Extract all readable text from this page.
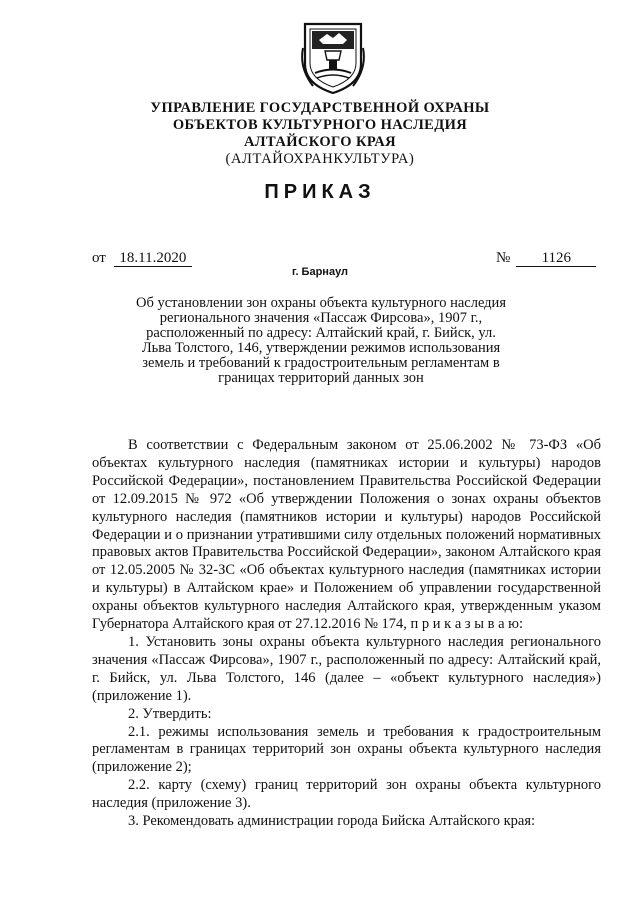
УПРАВЛЕНИЕ ГОСУДАРСТВЕННОЙ ОХРАНЫ
ОБЪЕКТОВ КУЛЬТУРНОГО НАСЛЕДИЯ
АЛТАЙСКОГО КРАЯ
(АЛТАЙОХРАНКУЛЬТУРА)
ПРИКАЗ
от 18.11.2020	№ 1126
г. Барнаул
Об установлении зон охраны объекта культурного наследия регионального значения «Пассаж Фирсова», 1907 г., расположенный по адресу: Алтайский край, г. Бийск, ул. Льва Толстого, 146, утверждении режимов использования земель и требований к градостроительным регламентам в границах территорий данных зон

В соответствии с Федеральным законом от 25.06.2002 № 73-ФЗ «Об объектах культурного наследия (памятниках истории и культуры) народов Российской Федерации», постановлением Правительства Российской Федерации от 12.09.2015 № 972 «Об утверждении Положения о зонах охраны объектов культурного наследия (памятников истории и культуры) народов Российской Федерации и о признании утратившими силу отдельных положений нормативных правовых актов Правительства Российской Федерации», законом Алтайского края от 12.05.2005 № 32-ЗС «Об объектах культурного наследия (памятниках истории и культуры) в Алтайском крае» и Положением об управлении государственной охраны объектов культурного наследия Алтайского края, утвержденным указом Губернатора Алтайского края от 27.12.2016 № 174, п р и к а з ы в а ю:

1. Установить зоны охраны объекта культурного наследия регионального значения «Пассаж Фирсова», 1907 г., расположенный по адресу: Алтайский край, г. Бийск, ул. Льва Толстого, 146 (далее – «объект культурного наследия») (приложение 1).

2. Утвердить:

2.1. режимы использования земель и требования к градостроительным регламентам в границах территорий зон охраны объекта культурного наследия (приложение 2);

2.2. карту (схему) границ территорий зон охраны объекта культурного наследия (приложение 3).

3. Рекомендовать администрации города Бийска Алтайского края:
